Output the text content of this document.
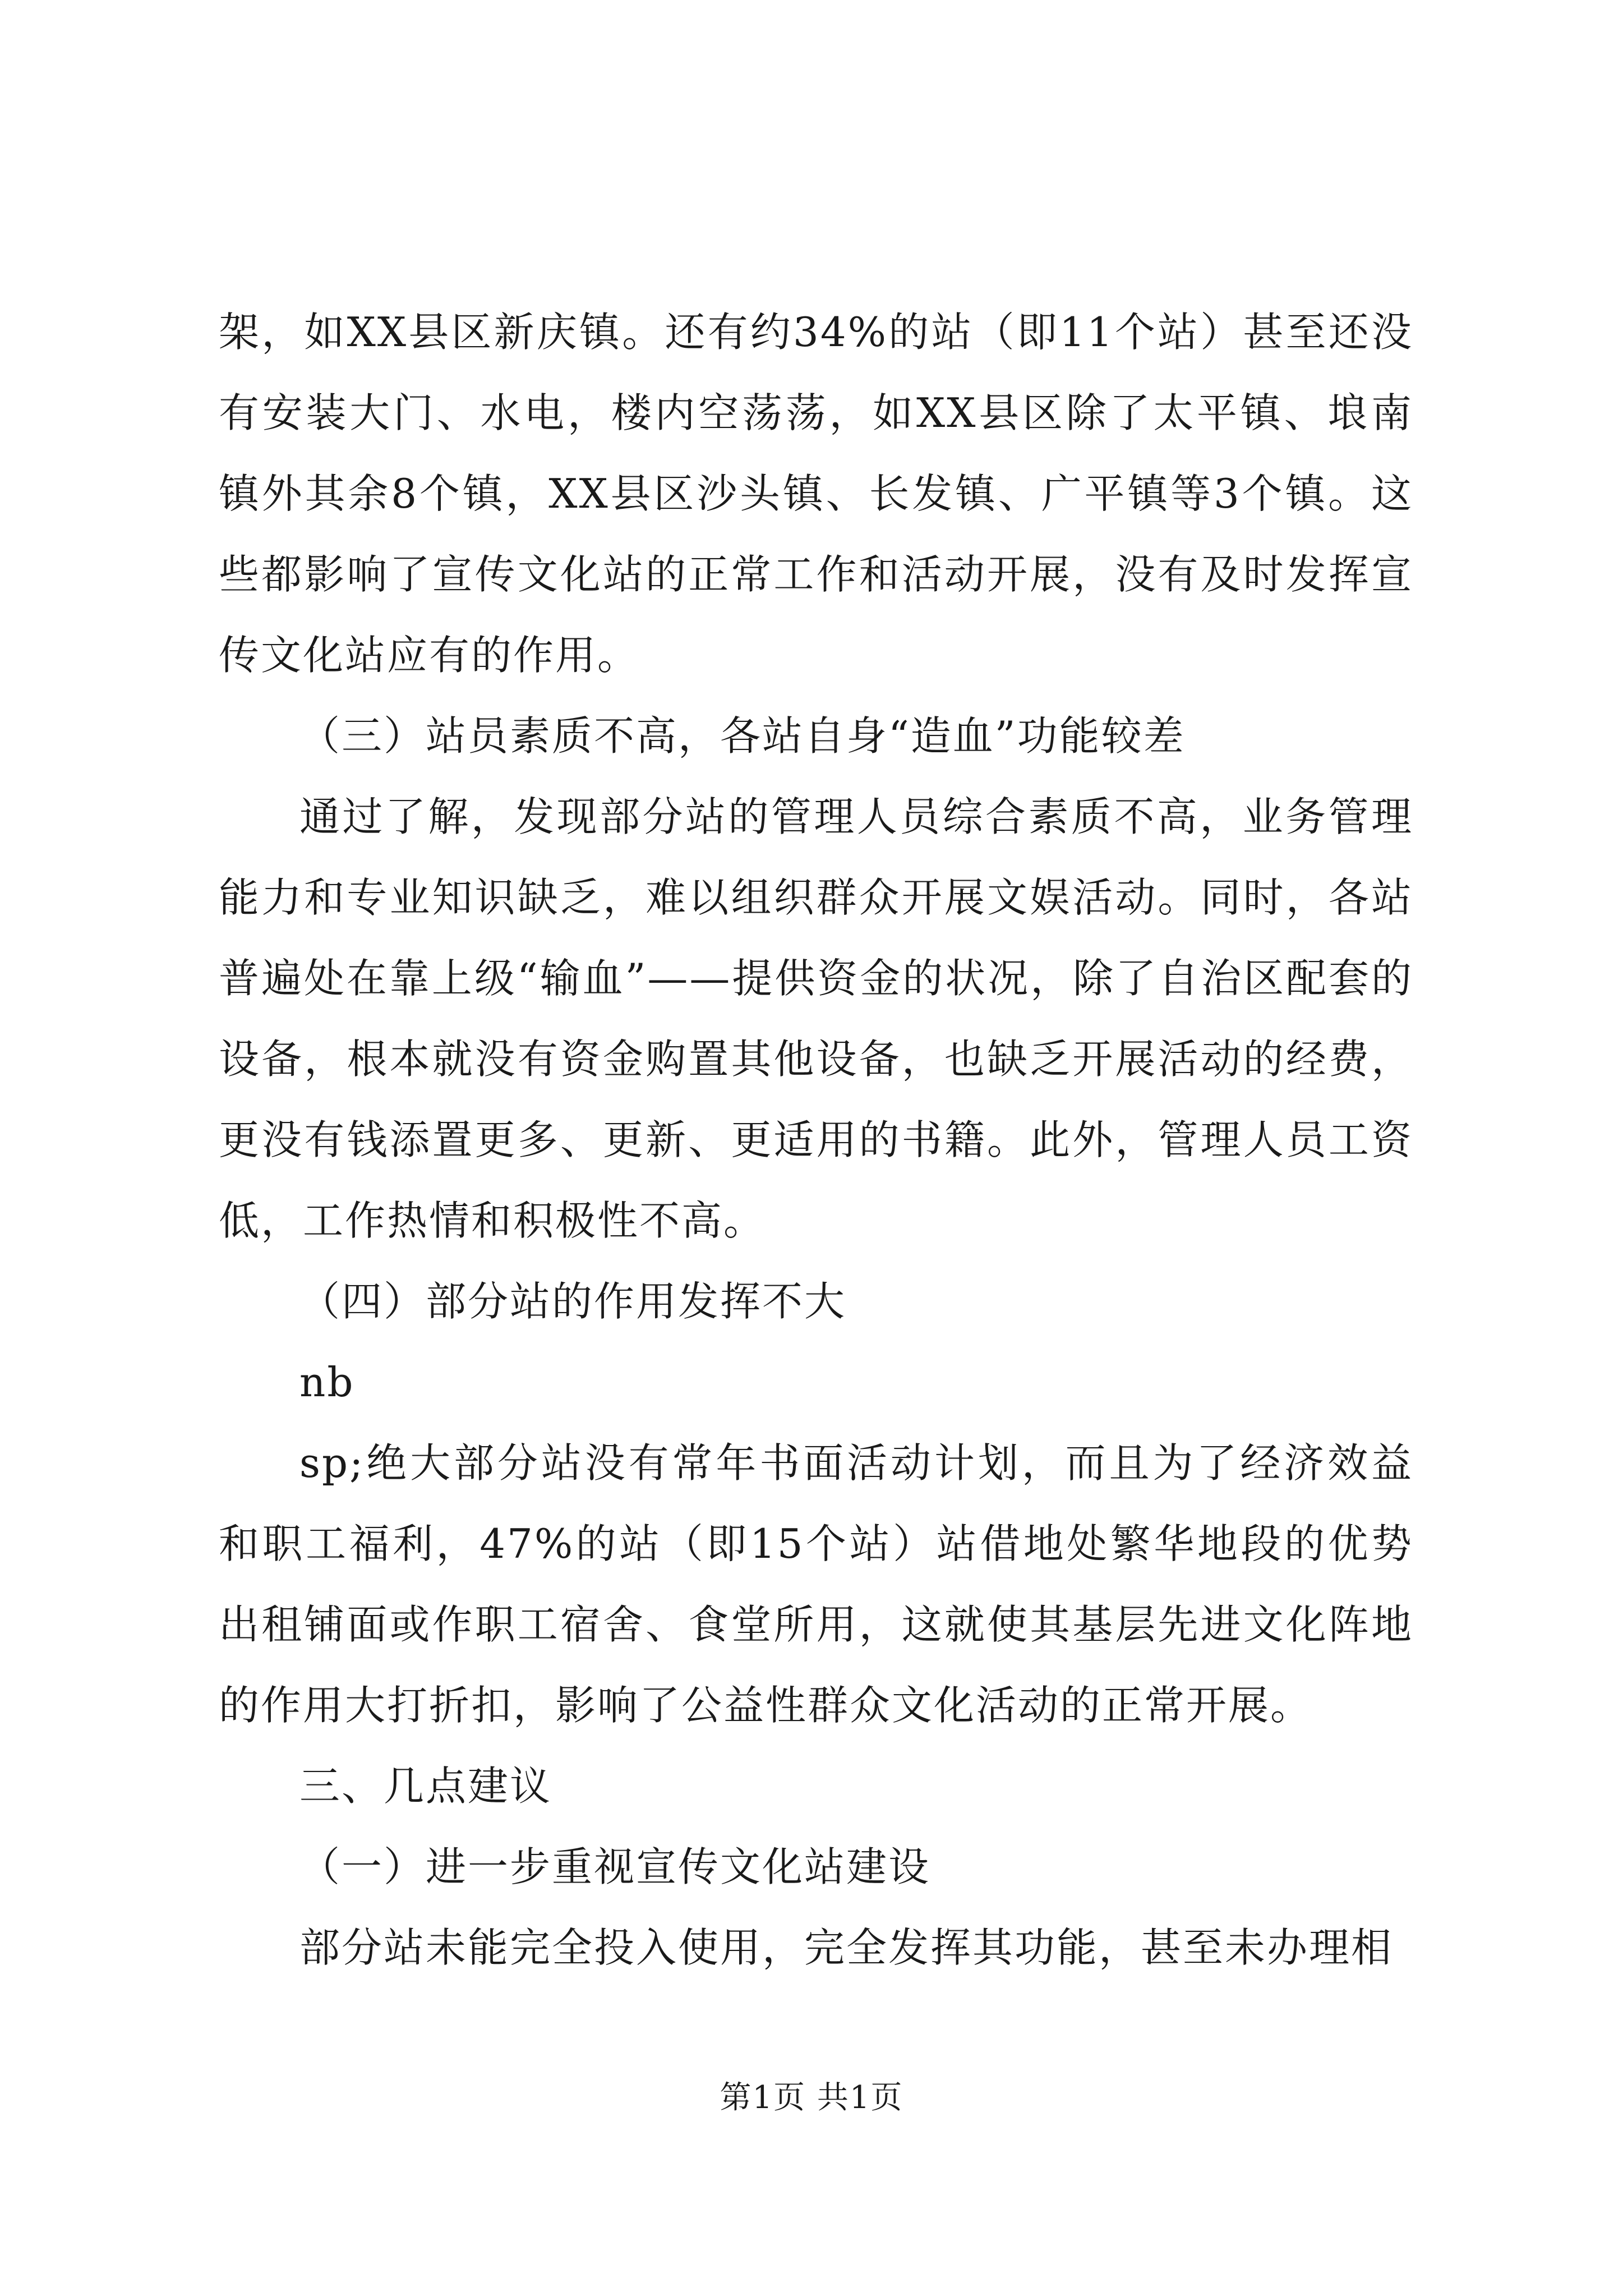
架，如XX县区新庆镇。还有约34%的站（即11个站）甚至还没有安装大门、水电，楼内空荡荡，如XX县区除了太平镇、埌南镇外其余8个镇，XX县区沙头镇、长发镇、广平镇等3个镇。这些都影响了宣传文化站的正常工作和活动开展，没有及时发挥宣传文化站应有的作用。

（三）站员素质不高，各站自身“造血”功能较差

通过了解，发现部分站的管理人员综合素质不高，业务管理能力和专业知识缺乏，难以组织群众开展文娱活动。同时，各站普遍处在靠上级“输血”——提供资金的状况，除了自治区配套的设备，根本就没有资金购置其他设备，也缺乏开展活动的经费，更没有钱添置更多、更新、更适用的书籍。此外，管理人员工资低，工作热情和积极性不高。

（四）部分站的作用发挥不大

nb

sp;绝大部分站没有常年书面活动计划，而且为了经济效益和职工福利，47%的站（即15个站）站借地处繁华地段的优势出租铺面或作职工宿舍、食堂所用，这就使其基层先进文化阵地的作用大打折扣，影响了公益性群众文化活动的正常开展。

三、几点建议

（一）进一步重视宣传文化站建设

部分站未能完全投入使用，完全发挥其功能，甚至未办理相

第1页 共1页
